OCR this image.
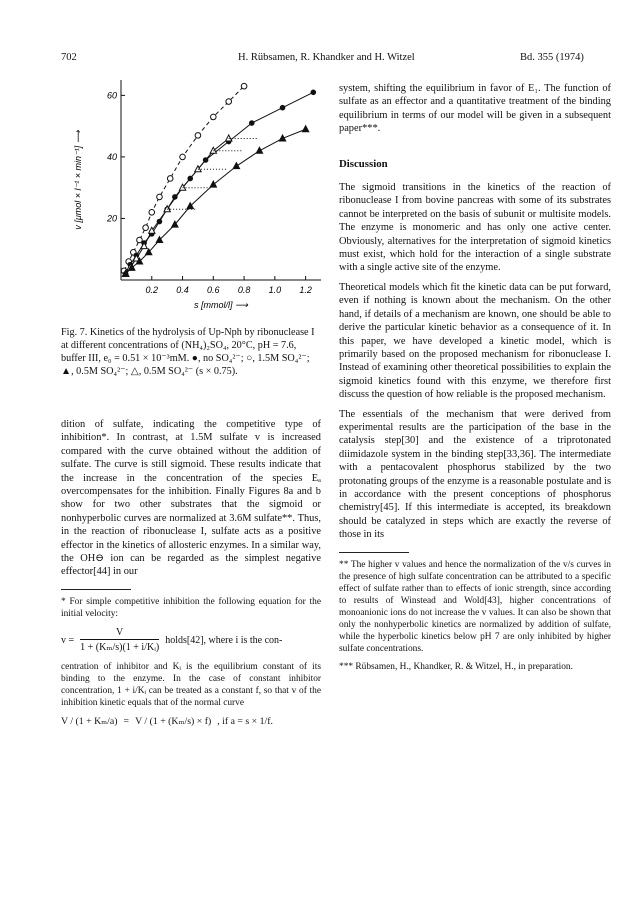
702	H. Rübsamen, R. Khandker and H. Witzel	Bd. 355 (1974)
0.2 0.4 0.6 0.8 1.0 1.2
20
40
60
s [mmol/l] ⟶
v [μmol × l⁻¹ × min⁻¹] ⟶
Fig. 7. Kinetics of the hydrolysis of Up-Nph by ribonuclease I at different concentrations of (NH₄)₂SO₄, 20°C, pH = 7.6, buffer III, e₀ = 0.51 × 10⁻³mM. ●, no SO₄²⁻; ○, 1.5M SO₄²⁻; ▲, 0.5M SO₄²⁻; △, 0.5M SO₄²⁻ (s × 0.75).

dition of sulfate, indicating the competitive type of inhibition*. In contrast, at 1.5M sulfate v is increased compared with the curve obtained without the addition of sulfate. The curve is still sigmoid. These results indicate that the increase in the concentration of the species Eₐ overcompensates for the inhibition. Finally Figures 8a and b show for two other substrates that the sigmoid or nonhyperbolic curves are normalized at 3.6M sulfate**. Thus, in the reaction of ribonuclease I, sulfate acts as a positive effector in the kinetics of allosteric enzymes. In a similar way, the OH⊖ ion can be regarded as the simplest negative effector[44] in our

* For simple competitive inhibition the following equation for the initial velocity:

$v = \frac{V}{\text{1 + (Kₘ/s)(1 + i/Kᵢ)}}$ holds[42], where i is the con-

centration of inhibitor and Kᵢ is the equilibrium constant of its binding to the enzyme. In the case of constant inhibitor concentration, 1 + i/Kᵢ can be treated as a constant f, so that v of the inhibition kinetic equals that of the normal curve

V / (1 + Kₘ/a) = V / (1 + (Kₘ/s) × f) , if a = s × 1/f.

system, shifting the equilibrium in favor of E₁. The function of sulfate as an effector and a quantitative treatment of the binding equilibrium in terms of our model will be given in a subsequent paper***.

Discussion

The sigmoid transitions in the kinetics of the reaction of ribonuclease I from bovine pancreas with some of its substrates cannot be interpreted on the basis of subunit or multisite models. The enzyme is monomeric and has only one active center. Obviously, alternatives for the interpretation of sigmoid kinetics must exist, which hold for the interaction of a single substrate with a single active site of the enzyme.

Theoretical models which fit the kinetic data can be put forward, even if nothing is known about the mechanism. On the other hand, if details of a mechanism are known, one should be able to derive the particular kinetic behavior as a consequence of it. In this paper, we have developed a kinetic model, which is primarily based on the proposed mechanism for ribonuclease I. Instead of examining other theoretical possibilities to explain the sigmoid kinetics found with this enzyme, we therefore first discuss the question of how reliable is the proposed mechanism.

The essentials of the mechanism that were derived from experimental results are the participation of the base in the catalysis step[30] and the existence of a triprotonated diimidazole system in the binding step[33,36]. The intermediate with a pentacovalent phosphorus stabilized by the two protonating groups of the enzyme is a reasonable postulate and is in accordance with the present conceptions of phosphorus chemistry[45]. If this intermediate is accepted, its breakdown should be catalyzed in steps which are exactly the reverse of those in its

** The higher v values and hence the normalization of the v/s curves in the presence of high sulfate concentration can be attributed to a specific effect of sulfate rather than to effects of ionic strength, since according to results of Winstead and Wold[43], higher concentrations of monoanionic ions do not increase the v values. It can also be shown that only the nonhyperbolic kinetics are normalized by addition of sulfate, while the hyperbolic kinetics below pH 7 are only inhibited by higher sulfate concentrations.

*** Rübsamen, H., Khandker, R. & Witzel, H., in preparation.
